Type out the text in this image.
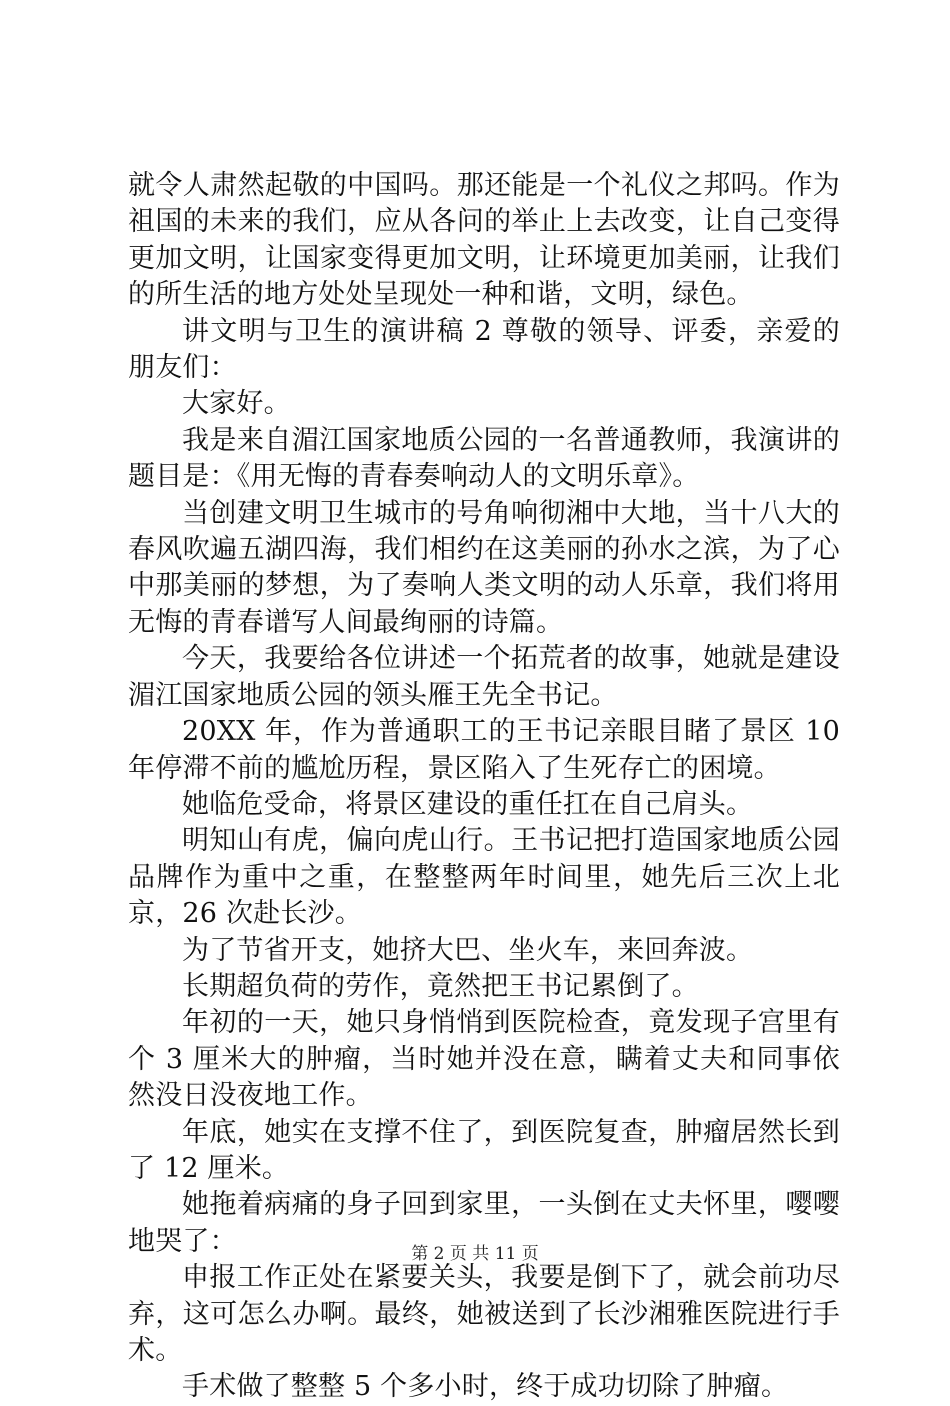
就令人肃然起敬的中国吗。那还能是一个礼仪之邦吗。作为祖国的未来的我们，应从各问的举止上去改变，让自己变得更加文明，让国家变得更加文明，让环境更加美丽，让我们的所生活的地方处处呈现处一种和谐，文明，绿色。

讲文明与卫生的演讲稿 2 尊敬的领导、评委，亲爱的朋友们：

大家好。

我是来自湄江国家地质公园的一名普通教师，我演讲的题目是：《用无悔的青春奏响动人的文明乐章》。

当创建文明卫生城市的号角响彻湘中大地，当十八大的春风吹遍五湖四海，我们相约在这美丽的孙水之滨，为了心中那美丽的梦想，为了奏响人类文明的动人乐章，我们将用无悔的青春谱写人间最绚丽的诗篇。

今天，我要给各位讲述一个拓荒者的故事，她就是建设湄江国家地质公园的领头雁王先全书记。

20XX 年，作为普通职工的王书记亲眼目睹了景区 10 年停滞不前的尴尬历程，景区陷入了生死存亡的困境。

她临危受命，将景区建设的重任扛在自己肩头。

明知山有虎，偏向虎山行。王书记把打造国家地质公园品牌作为重中之重，在整整两年时间里，她先后三次上北京，26 次赴长沙。

为了节省开支，她挤大巴、坐火车，来回奔波。

长期超负荷的劳作，竟然把王书记累倒了。

年初的一天，她只身悄悄到医院检查，竟发现子宫里有个 3 厘米大的肿瘤，当时她并没在意，瞒着丈夫和同事依然没日没夜地工作。

年底，她实在支撑不住了，到医院复查，肿瘤居然长到了 12 厘米。

她拖着病痛的身子回到家里，一头倒在丈夫怀里，嘤嘤地哭了：

申报工作正处在紧要关头，我要是倒下了，就会前功尽弃，这可怎么办啊。最终，她被送到了长沙湘雅医院进行手术。

手术做了整整 5 个多小时，终于成功切除了肿瘤。

第 2 页 共 11 页
